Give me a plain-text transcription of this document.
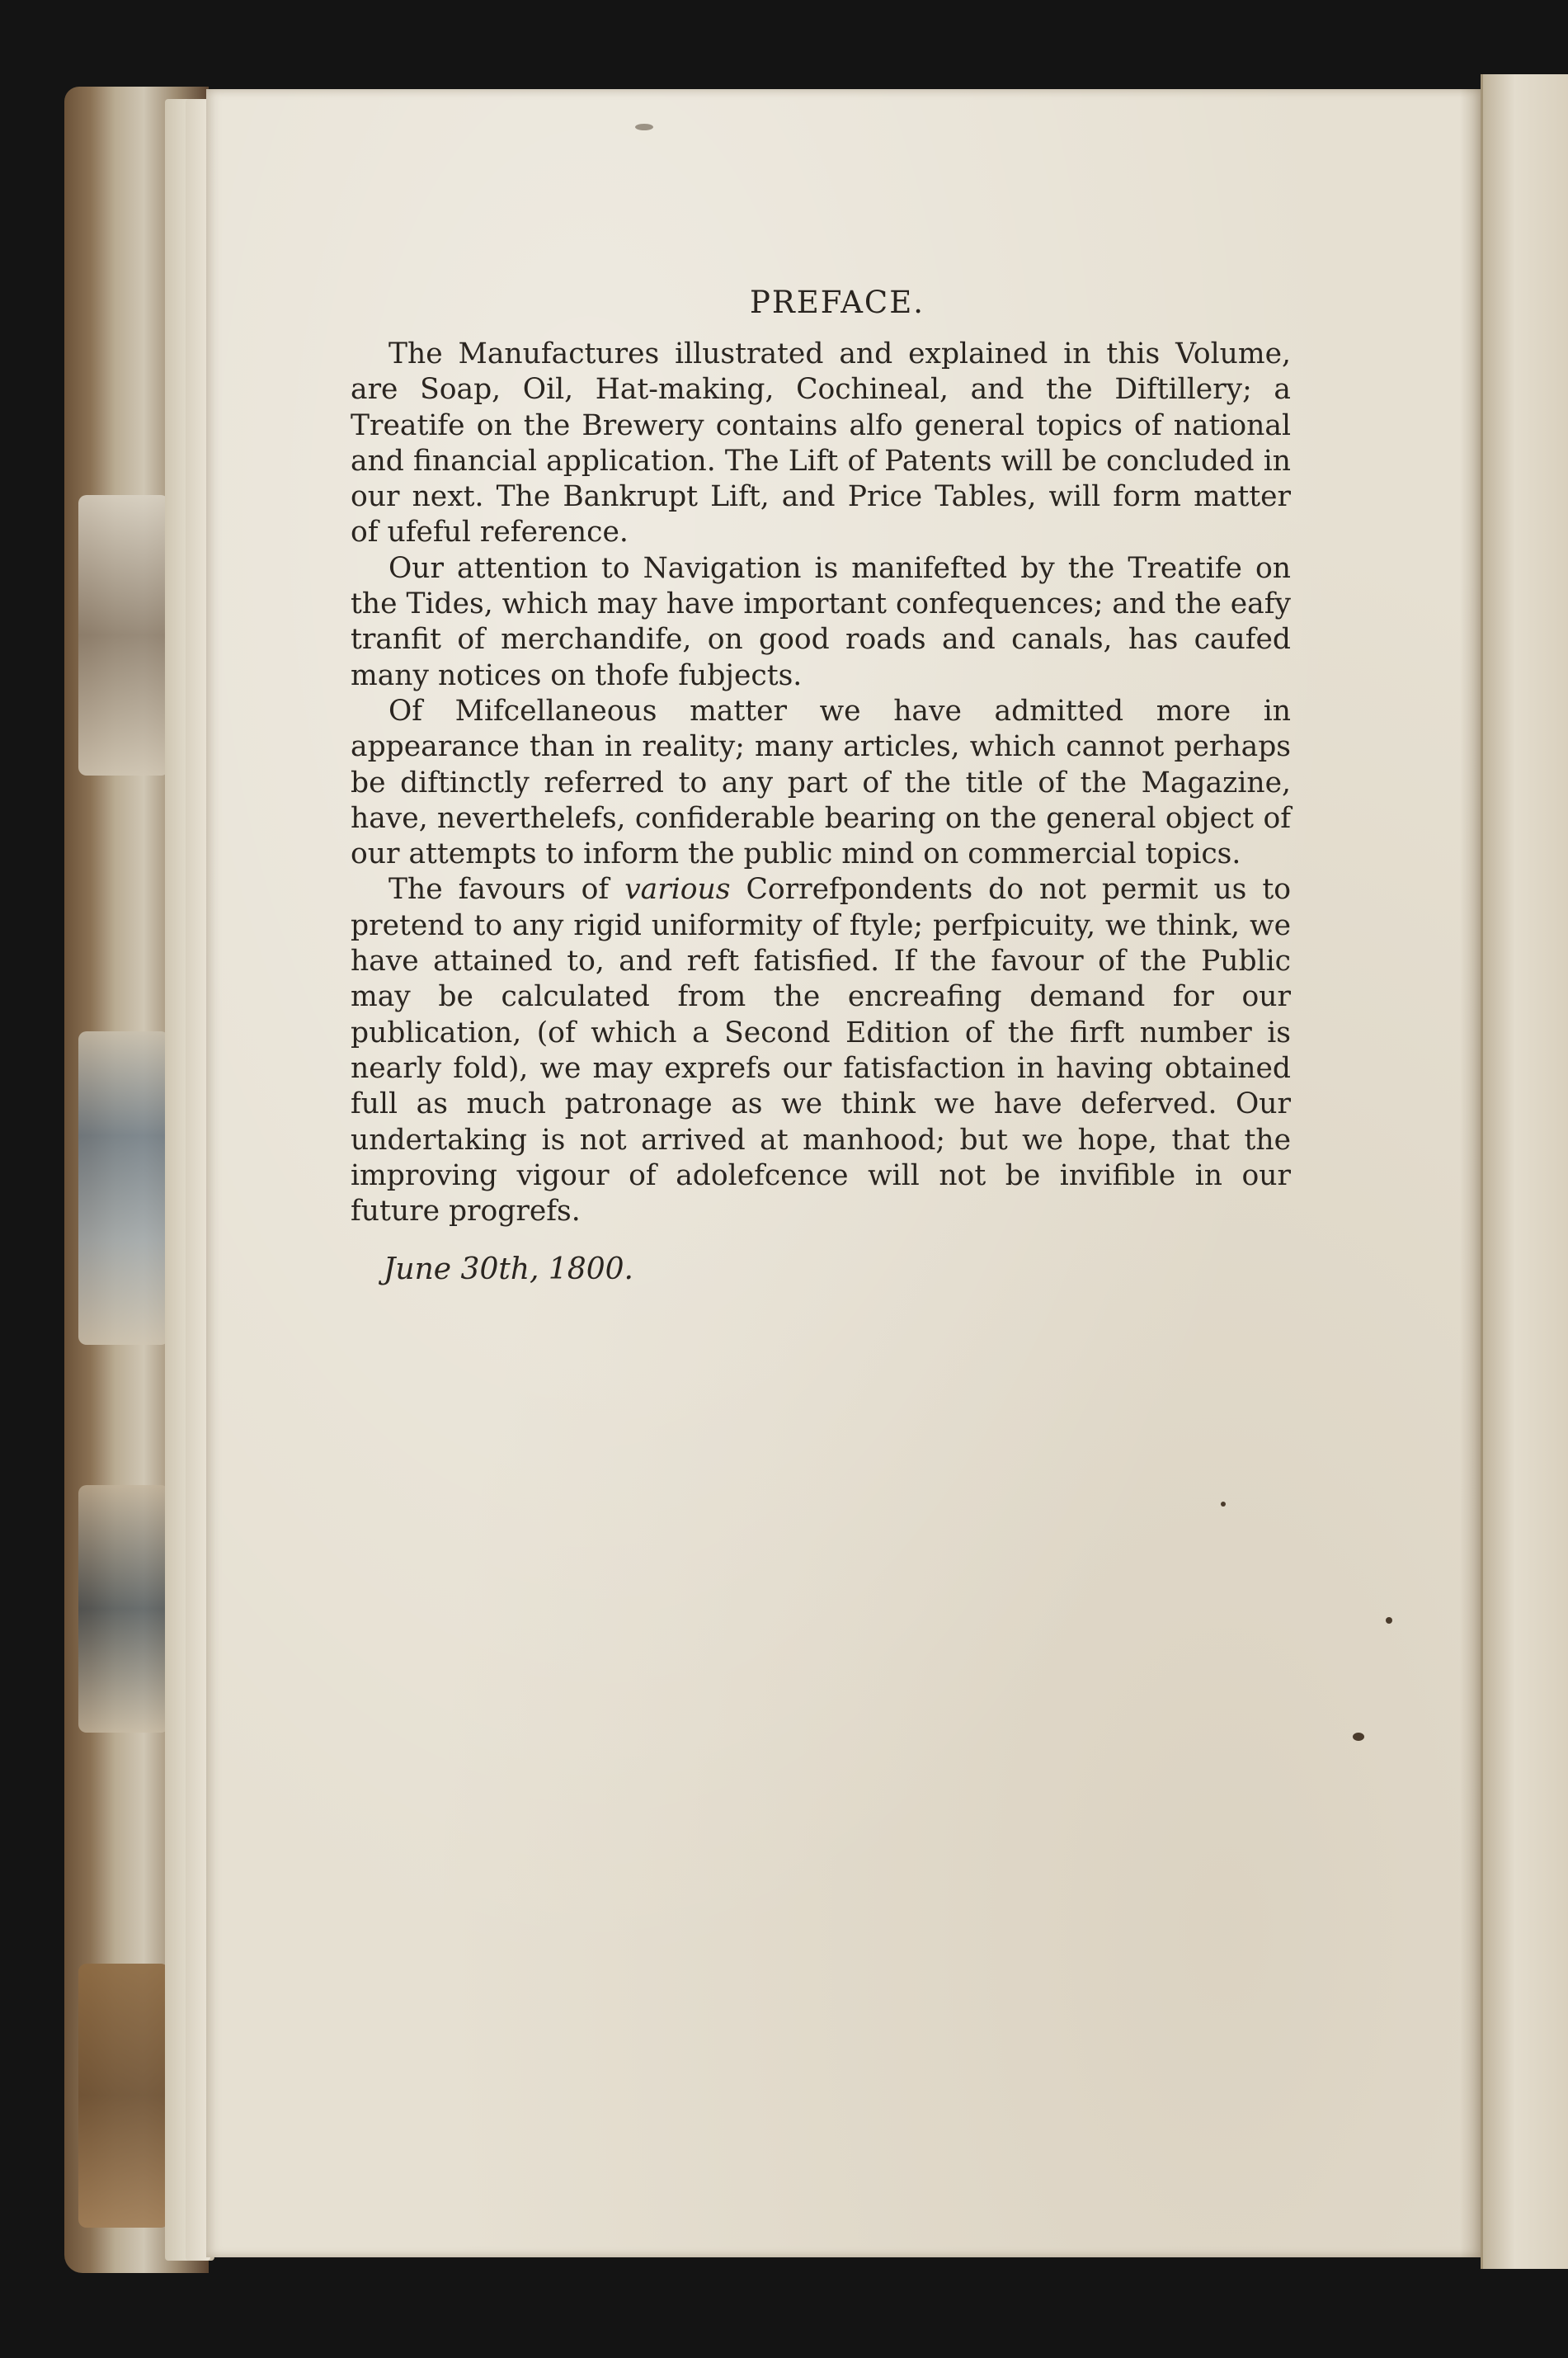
PREFACE.

The Manufactures illustrated and explained in this Volume, are Soap, Oil, Hat-making, Cochineal, and the Diftillery; a Treatife on the Brewery contains alfo general topics of national and financial application. The Lift of Patents will be concluded in our next. The Bankrupt Lift, and Price Tables, will form matter of ufeful reference.

Our attention to Navigation is manifefted by the Treatife on the Tides, which may have important confequences; and the eafy tranfit of merchandife, on good roads and canals, has caufed many notices on thofe fubjects.

Of Mifcellaneous matter we have admitted more in appearance than in reality; many articles, which cannot perhaps be diftinctly referred to any part of the title of the Magazine, have, neverthelefs, confiderable bearing on the general object of our attempts to inform the public mind on commercial topics.

The favours of various Correfpondents do not permit us to pretend to any rigid uniformity of ftyle; perfpicuity, we think, we have attained to, and reft fatisfied. If the favour of the Public may be calculated from the encreafing demand for our publication, (of which a Second Edition of the firft number is nearly fold), we may exprefs our fatisfaction in having obtained full as much patronage as we think we have deferved. Our undertaking is not arrived at manhood; but we hope, that the improving vigour of adolefcence will not be invifible in our future progrefs.

June 30th, 1800.
